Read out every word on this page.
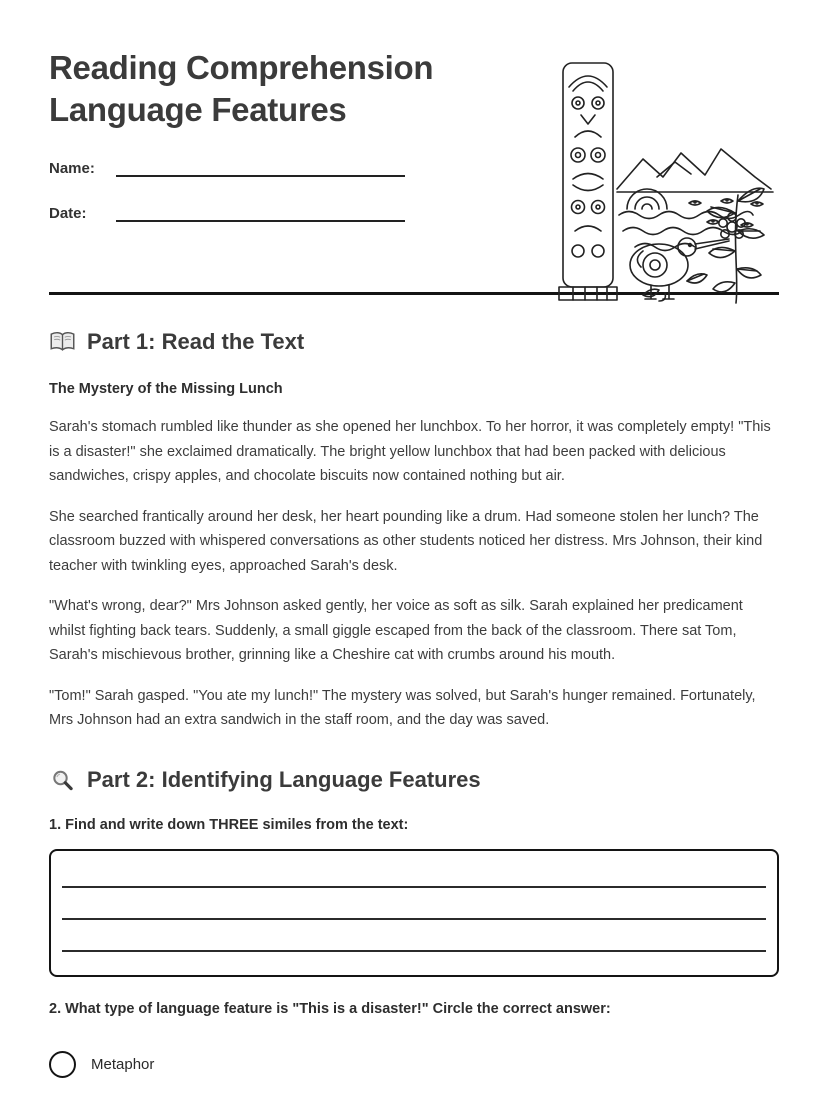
Reading Comprehension Language Features
Name:
Date:
Part 1: Read the Text
The Mystery of the Missing Lunch

Sarah's stomach rumbled like thunder as she opened her lunchbox. To her horror, it was completely empty! "This is a disaster!" she exclaimed dramatically. The bright yellow lunchbox that had been packed with delicious sandwiches, crispy apples, and chocolate biscuits now contained nothing but air.

She searched frantically around her desk, her heart pounding like a drum. Had someone stolen her lunch? The classroom buzzed with whispered conversations as other students noticed her distress. Mrs Johnson, their kind teacher with twinkling eyes, approached Sarah's desk.

"What's wrong, dear?" Mrs Johnson asked gently, her voice as soft as silk. Sarah explained her predicament whilst fighting back tears. Suddenly, a small giggle escaped from the back of the classroom. There sat Tom, Sarah's mischievous brother, grinning like a Cheshire cat with crumbs around his mouth.

"Tom!" Sarah gasped. "You ate my lunch!" The mystery was solved, but Sarah's hunger remained. Fortunately, Mrs Johnson had an extra sandwich in the staff room, and the day was saved.

Part 2: Identifying Language Features
1. Find and write down THREE similes from the text:
2. What type of language feature is "This is a disaster!" Circle the correct answer:
Metaphor
